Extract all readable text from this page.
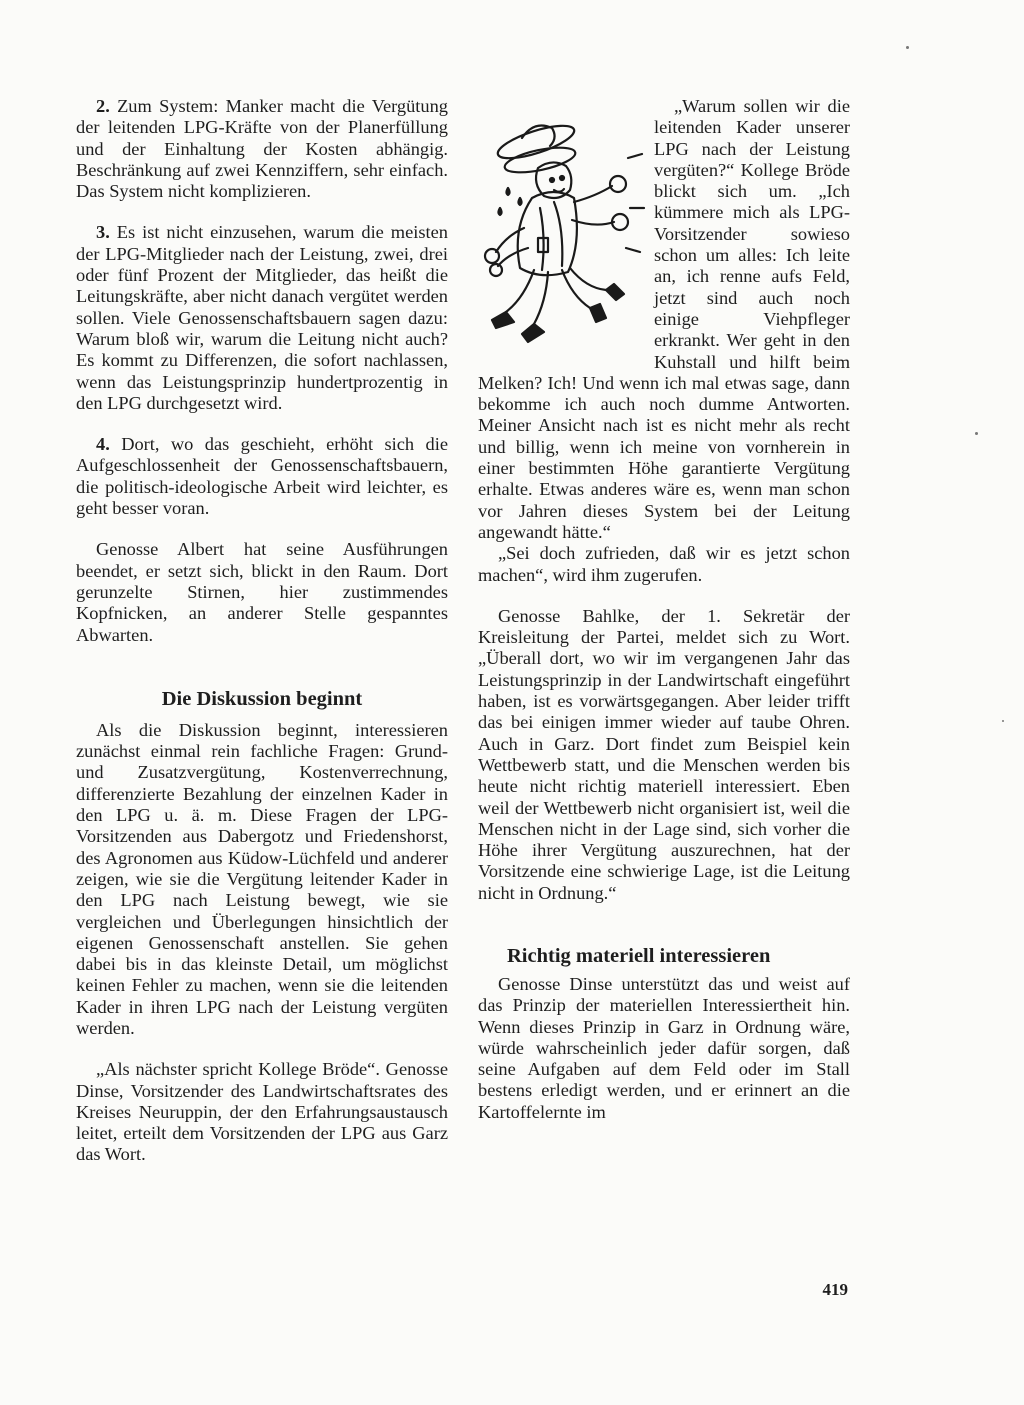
2. Zum System: Manker macht die Vergütung der leitenden LPG-Kräfte von der Planerfüllung und der Einhaltung der Kosten abhängig. Beschränkung auf zwei Kennziffern, sehr einfach. Das System nicht komplizieren.

3. Es ist nicht einzusehen, warum die meisten der LPG-Mitglieder nach der Leistung, zwei, drei oder fünf Prozent der Mitglieder, das heißt die Leitungskräfte, aber nicht danach vergütet werden sollen. Viele Genossenschaftsbauern sagen dazu: Warum bloß wir, warum die Leitung nicht auch? Es kommt zu Differenzen, die sofort nachlassen, wenn das Leistungsprinzip hundertprozentig in den LPG durchgesetzt wird.

4. Dort, wo das geschieht, erhöht sich die Aufgeschlossenheit der Genossenschaftsbauern, die politisch-ideologische Arbeit wird leichter, es geht besser voran.

Genosse Albert hat seine Ausführungen beendet, er setzt sich, blickt in den Raum. Dort gerunzelte Stirnen, hier zustimmendes Kopfnicken, an anderer Stelle gespanntes Abwarten.

Die Diskussion beginnt

Als die Diskussion beginnt, interessieren zunächst einmal rein fachliche Fragen: Grund- und Zusatzvergütung, Kostenverrechnung, differenzierte Bezahlung der einzelnen Kader in den LPG u. ä. m. Diese Fragen der LPG-Vorsitzenden aus Dabergotz und Friedenshorst, des Agronomen aus Küdow-Lüchfeld und anderer zeigen, wie sie die Vergütung leitender Kader in den LPG nach Leistung bewegt, wie sie vergleichen und Überlegungen hinsichtlich der eigenen Genossenschaft anstellen. Sie gehen dabei bis in das kleinste Detail, um möglichst keinen Fehler zu machen, wenn sie die leitenden Kader in ihren LPG nach der Leistung vergüten werden.

„Als nächster spricht Kollege Bröde“. Genosse Dinse, Vorsitzender des Landwirtschaftsrates des Kreises Neuruppin, der den Erfahrungsaustausch leitet, erteilt dem Vorsitzenden der LPG aus Garz das Wort.

„Warum sollen wir die leitenden Kader unserer LPG nach der Leistung vergüten?“ Kollege Bröde blickt sich um. „Ich kümmere mich als LPG-Vorsitzender sowieso schon um alles: Ich leite an, ich renne aufs Feld, jetzt sind auch noch einige Viehpfleger erkrankt. Wer geht in den Kuhstall und hilft beim Melken? Ich! Und wenn ich mal etwas sage, dann bekomme ich auch noch dumme Antworten. Meiner Ansicht nach ist es nicht mehr als recht und billig, wenn ich meine von vornherein in einer bestimmten Höhe garantierte Vergütung erhalte. Etwas anderes wäre es, wenn man schon vor Jahren dieses System bei der Leitung angewandt hätte.“

„Sei doch zufrieden, daß wir es jetzt schon machen“, wird ihm zugerufen.

Genosse Bahlke, der 1. Sekretär der Kreisleitung der Partei, meldet sich zu Wort. „Überall dort, wo wir im vergangenen Jahr das Leistungsprinzip in der Landwirtschaft eingeführt haben, ist es vorwärtsgegangen. Aber leider trifft das bei einigen immer wieder auf taube Ohren. Auch in Garz. Dort findet zum Beispiel kein Wettbewerb statt, und die Menschen werden bis heute nicht richtig materiell interessiert. Eben weil der Wettbewerb nicht organisiert ist, weil die Menschen nicht in der Lage sind, sich vorher die Höhe ihrer Vergütung auszurechnen, hat der Vorsitzende eine schwierige Lage, ist die Leitung nicht in Ordnung.“

Richtig materiell interessieren

Genosse Dinse unterstützt das und weist auf das Prinzip der materiellen Interessiertheit hin. Wenn dieses Prinzip in Garz in Ordnung wäre, würde wahrscheinlich jeder dafür sorgen, daß seine Aufgaben auf dem Feld oder im Stall bestens erledigt werden, und er erinnert an die Kartoffelernte im

419
